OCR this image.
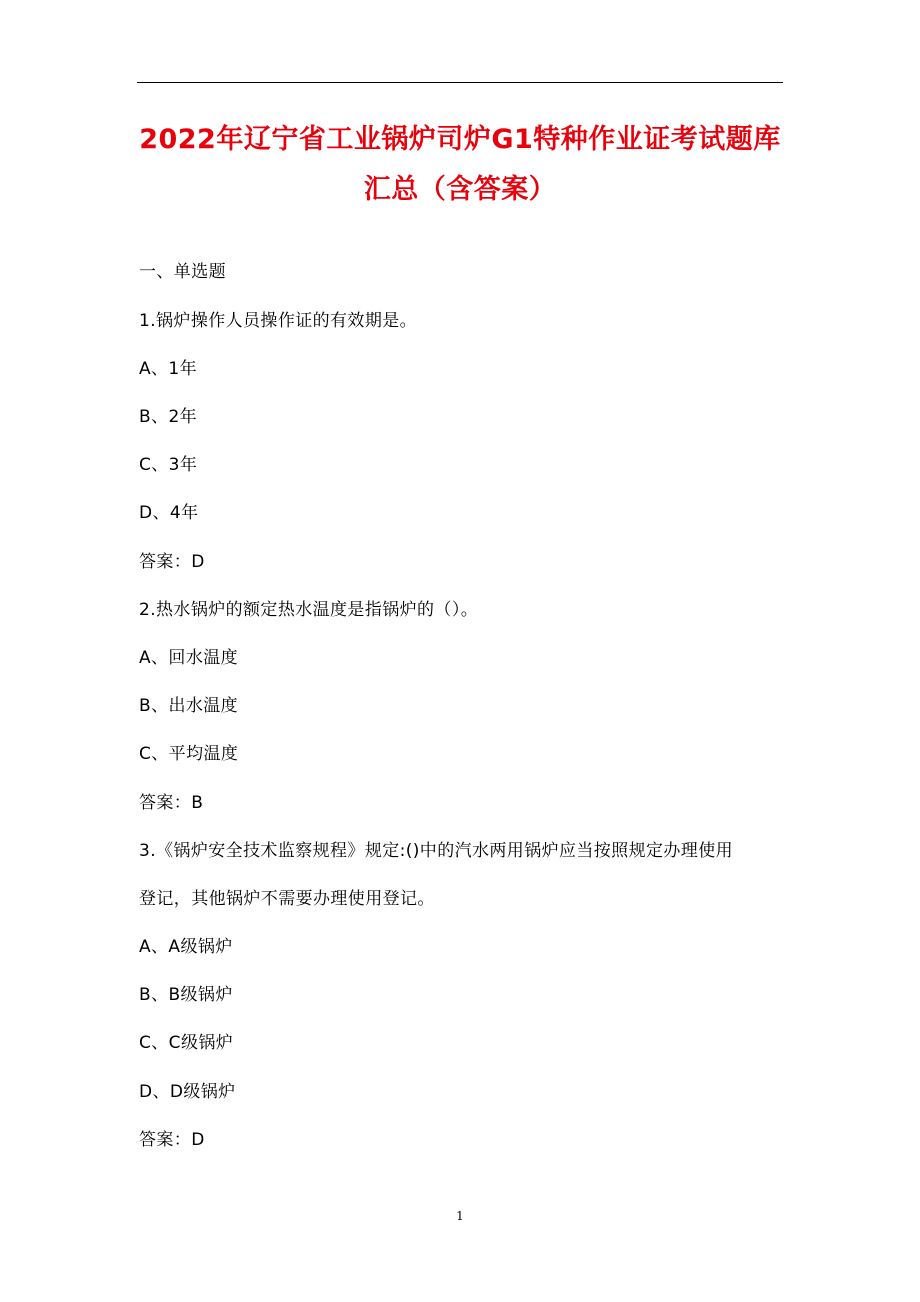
2022年辽宁省工业锅炉司炉G1特种作业证考试题库
汇总（含答案）
一、单选题
1.锅炉操作人员操作证的有效期是。
A、1年
B、2年
C、3年
D、4年
答案：D
2.热水锅炉的额定热水温度是指锅炉的（）。
A、回水温度
B、出水温度
C、平均温度
答案：B
3.《锅炉安全技术监察规程》规定:()中的汽水两用锅炉应当按照规定办理使用
登记，其他锅炉不需要办理使用登记。
A、A级锅炉
B、B级锅炉
C、C级锅炉
D、D级锅炉
答案：D
1
